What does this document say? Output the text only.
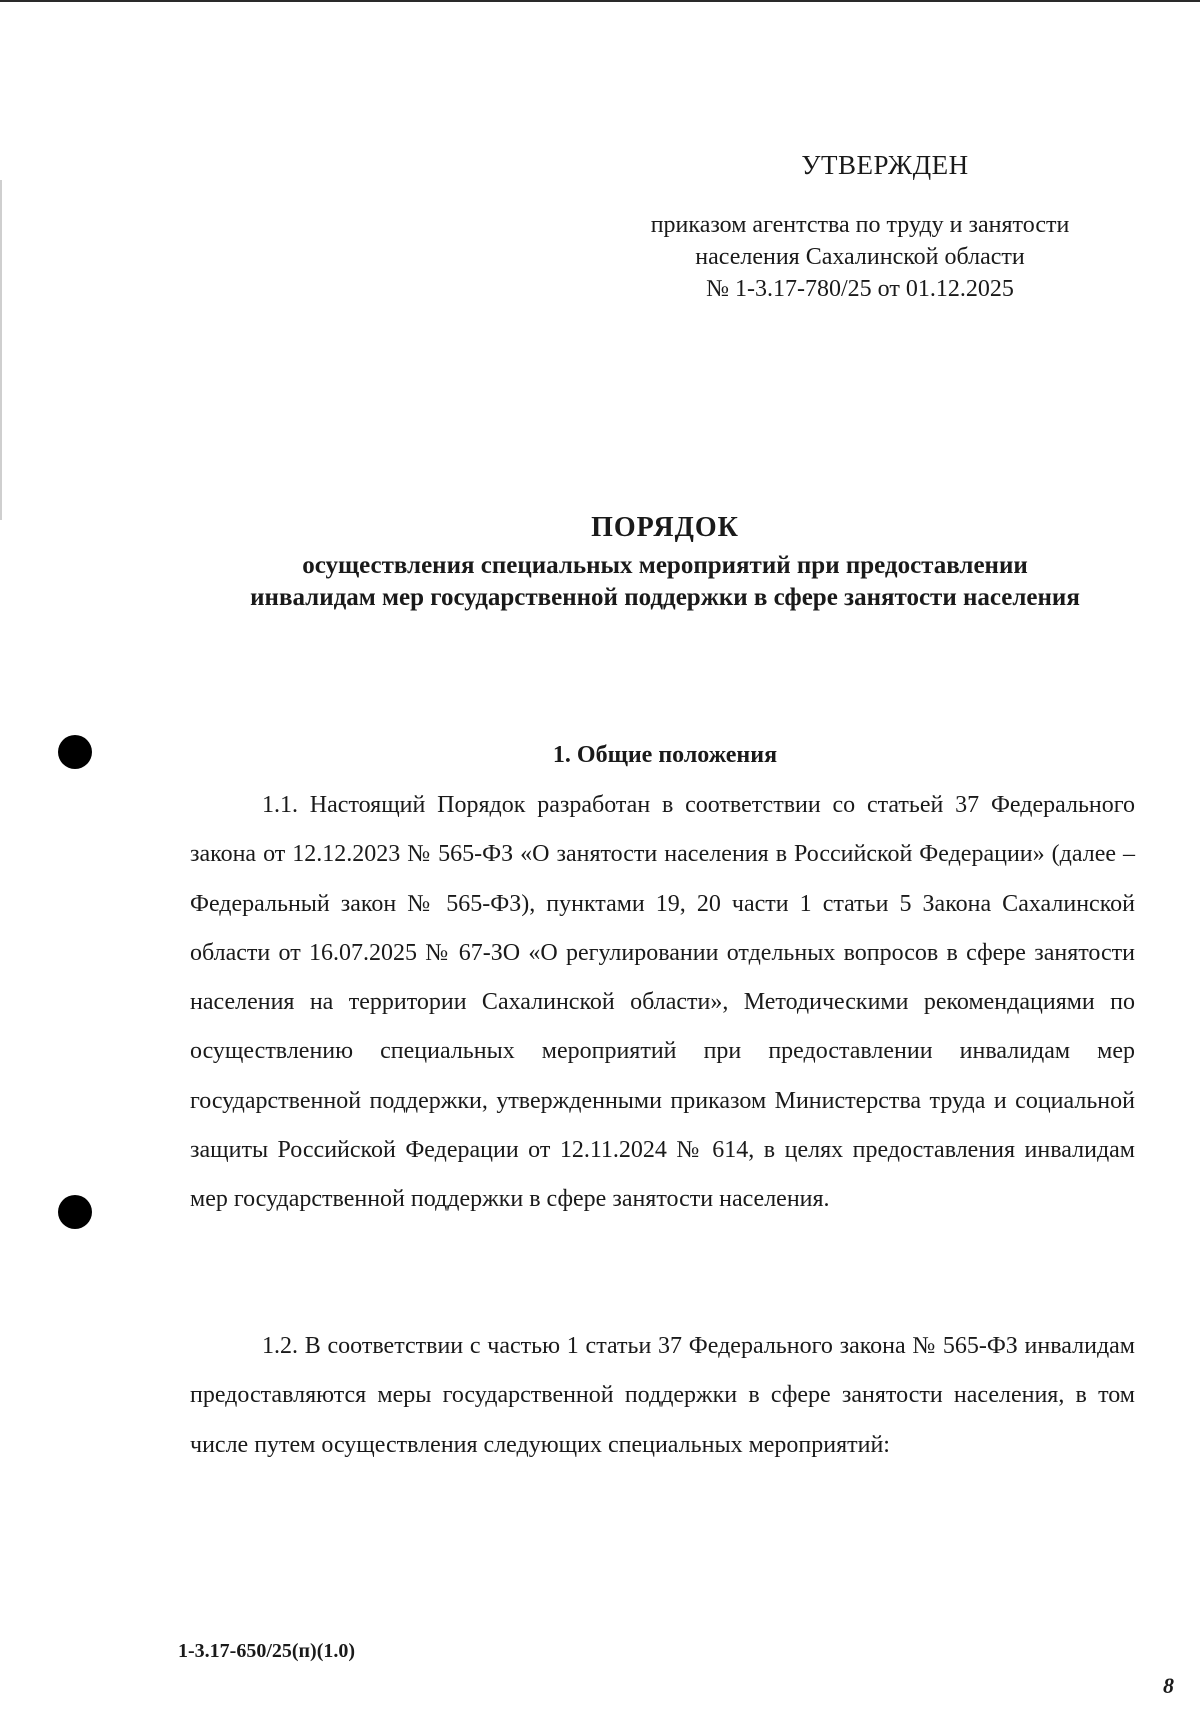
УТВЕРЖДЕН

приказом агентства по труду и занятости

населения Сахалинской области

№ 1-3.17-780/25 от 01.12.2025

ПОРЯДОК

осуществления специальных мероприятий при предоставлении

инвалидам мер государственной поддержки в сфере занятости населения

1. Общие положения

1.1. Настоящий Порядок разработан в соответствии со статьей 37 Федерального закона от 12.12.2023 № 565-ФЗ «О занятости населения в Российской Федерации» (далее – Федеральный закон № 565-ФЗ), пунктами 19, 20 части 1 статьи 5 Закона Сахалинской области от 16.07.2025 № 67-ЗО «О регулировании отдельных вопросов в сфере занятости населения на территории Сахалинской области», Методическими рекомендациями по осуществлению специальных мероприятий при предоставлении инвалидам мер государственной поддержки, утвержденными приказом Министерства труда и социальной защиты Российской Федерации от 12.11.2024 № 614, в целях предоставления инвалидам мер государственной поддержки в сфере занятости населения.

1.2. В соответствии с частью 1 статьи 37 Федерального закона № 565-ФЗ инвалидам предоставляются меры государственной поддержки в сфере занятости населения, в том числе путем осуществления следующих специальных мероприятий:

1-3.17-650/25(п)(1.0)

8
